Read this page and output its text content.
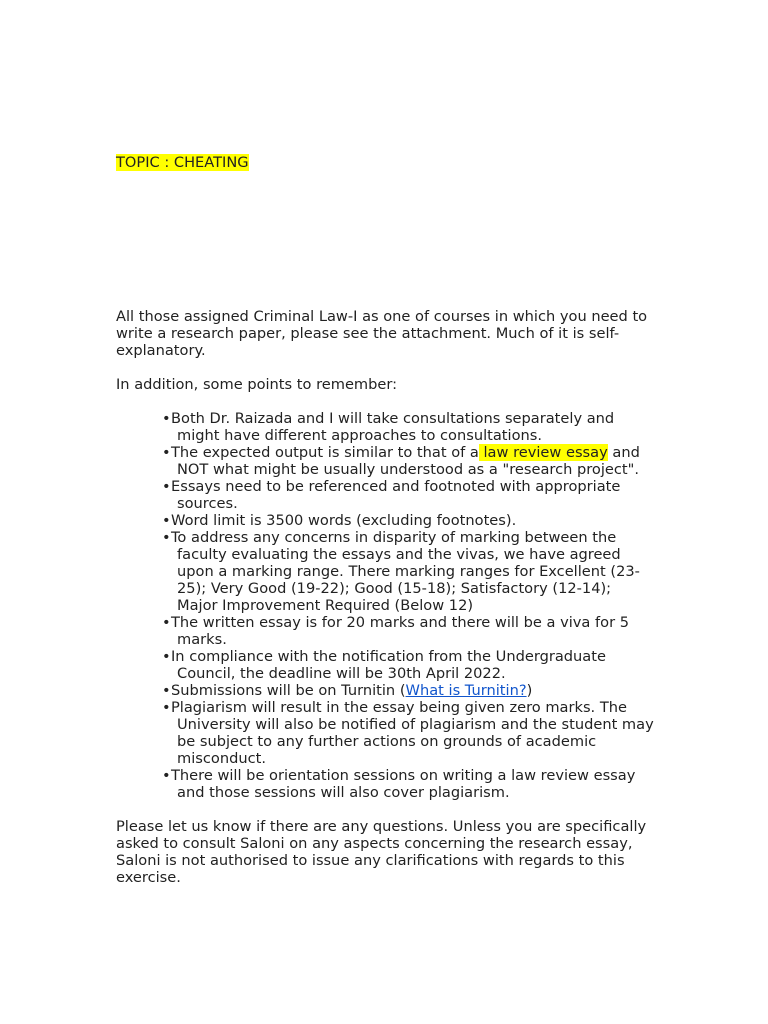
TOPIC : CHEATING

All those assigned Criminal Law-I as one of courses in which you need to write a research paper, please see the attachment. Much of it is self-explanatory.

In addition, some points to remember:

•Both Dr. Raizada and I will take consultations separately and might have different approaches to consultations.
•The expected output is similar to that of a law review essay and NOT what might be usually understood as a "research project".
•Essays need to be referenced and footnoted with appropriate sources.
•Word limit is 3500 words (excluding footnotes).
•To address any concerns in disparity of marking between the faculty evaluating the essays and the vivas, we have agreed upon a marking range. There marking ranges for Excellent (23-25); Very Good (19-22); Good (15-18); Satisfactory (12-14); Major Improvement Required (Below 12)
•The written essay is for 20 marks and there will be a viva for 5 marks.
•In compliance with the notification from the Undergraduate Council, the deadline will be 30th April 2022.
•Submissions will be on Turnitin (What is Turnitin?)
•Plagiarism will result in the essay being given zero marks. The University will also be notified of plagiarism and the student may be subject to any further actions on grounds of academic misconduct.
•There will be orientation sessions on writing a law review essay and those sessions will also cover plagiarism.

Please let us know if there are any questions. Unless you are specifically asked to consult Saloni on any aspects concerning the research essay, Saloni is not authorised to issue any clarifications with regards to this exercise.
